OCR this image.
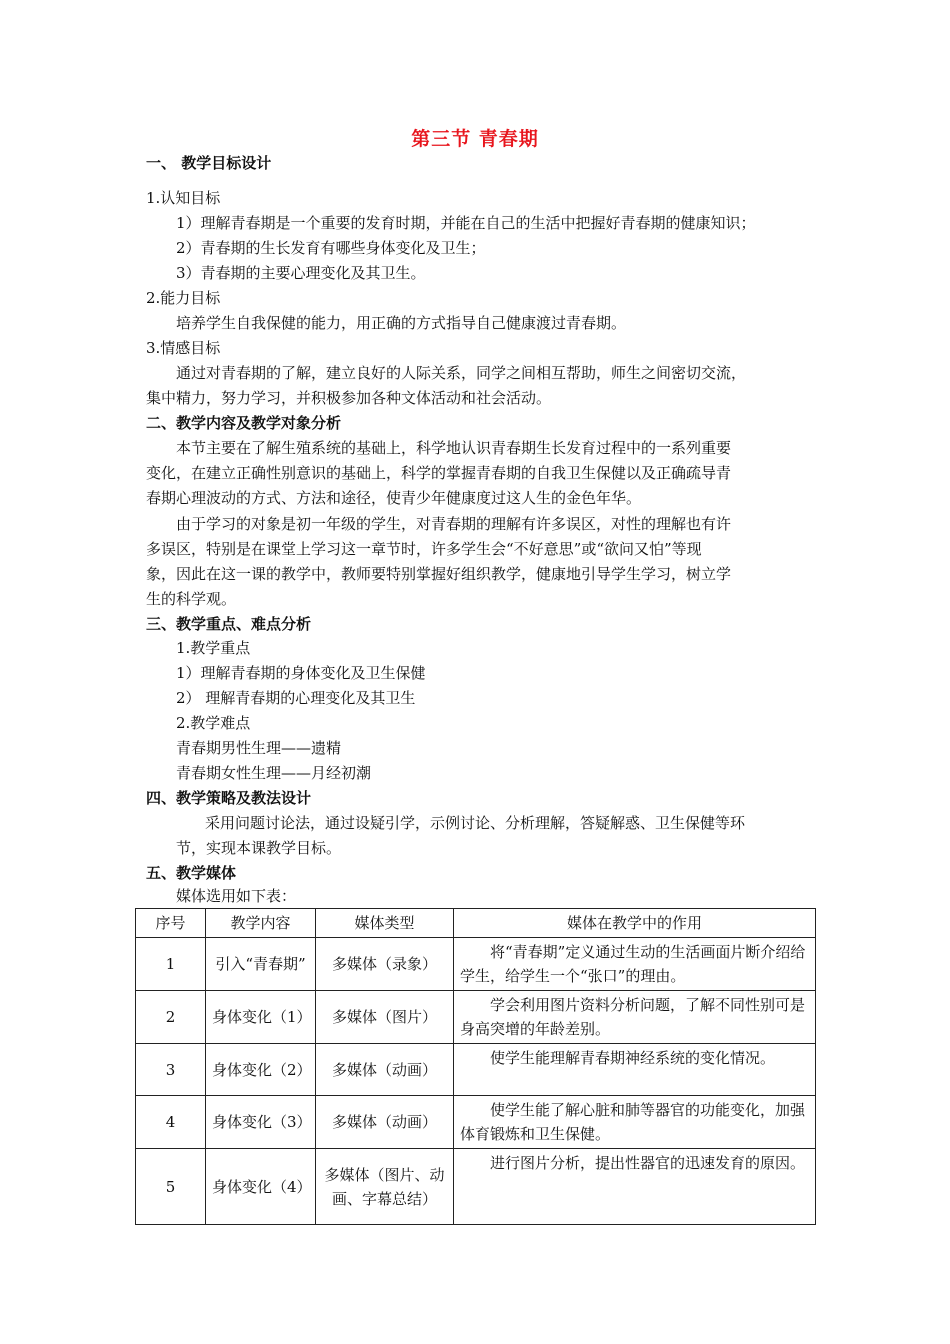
第三节 青春期
一、 教学目标设计
1.认知目标
1）理解青春期是一个重要的发育时期，并能在自己的生活中把握好青春期的健康知识；
2）青春期的生长发育有哪些身体变化及卫生；
3）青春期的主要心理变化及其卫生。
2.能力目标
培养学生自我保健的能力，用正确的方式指导自己健康渡过青春期。
3.情感目标
通过对青春期的了解，建立良好的人际关系，同学之间相互帮助，师生之间密切交流，
集中精力，努力学习，并积极参加各种文体活动和社会活动。
二、教学内容及教学对象分析
本节主要在了解生殖系统的基础上，科学地认识青春期生长发育过程中的一系列重要
变化，在建立正确性别意识的基础上，科学的掌握青春期的自我卫生保健以及正确疏导青
春期心理波动的方式、方法和途径，使青少年健康度过这人生的金色年华。
由于学习的对象是初一年级的学生，对青春期的理解有许多误区，对性的理解也有许
多误区，特别是在课堂上学习这一章节时，许多学生会“不好意思”或“欲问又怕”等现
象，因此在这一课的教学中，教师要特别掌握好组织教学，健康地引导学生学习，树立学
生的科学观。
三、教学重点、难点分析
1.教学重点
1）理解青春期的身体变化及卫生保健
2） 理解青春期的心理变化及其卫生
2.教学难点
青春期男性生理——遗精
青春期女性生理——月经初潮
四、教学策略及教法设计
采用问题讨论法，通过设疑引学，示例讨论、分析理解，答疑解惑、卫生保健等环
节，实现本课教学目标。
五、教学媒体
媒体选用如下表：
序号	教学内容	媒体类型	媒体在教学中的作用
1	引入“青春期”	多媒体（录象）	将“青春期”定义通过生动的生活画面片断介绍给学生，给学生一个“张口”的理由。
2	身体变化（1）	多媒体（图片）	学会利用图片资料分析问题，了解不同性别可是身高突增的年龄差别。
3	身体变化（2）	多媒体（动画）	使学生能理解青春期神经系统的变化情况。
4	身体变化（3）	多媒体（动画）	使学生能了解心脏和肺等器官的功能变化，加强体育锻炼和卫生保健。
5	身体变化（4）	多媒体（图片、动画、字幕总结）	进行图片分析，提出性器官的迅速发育的原因。
